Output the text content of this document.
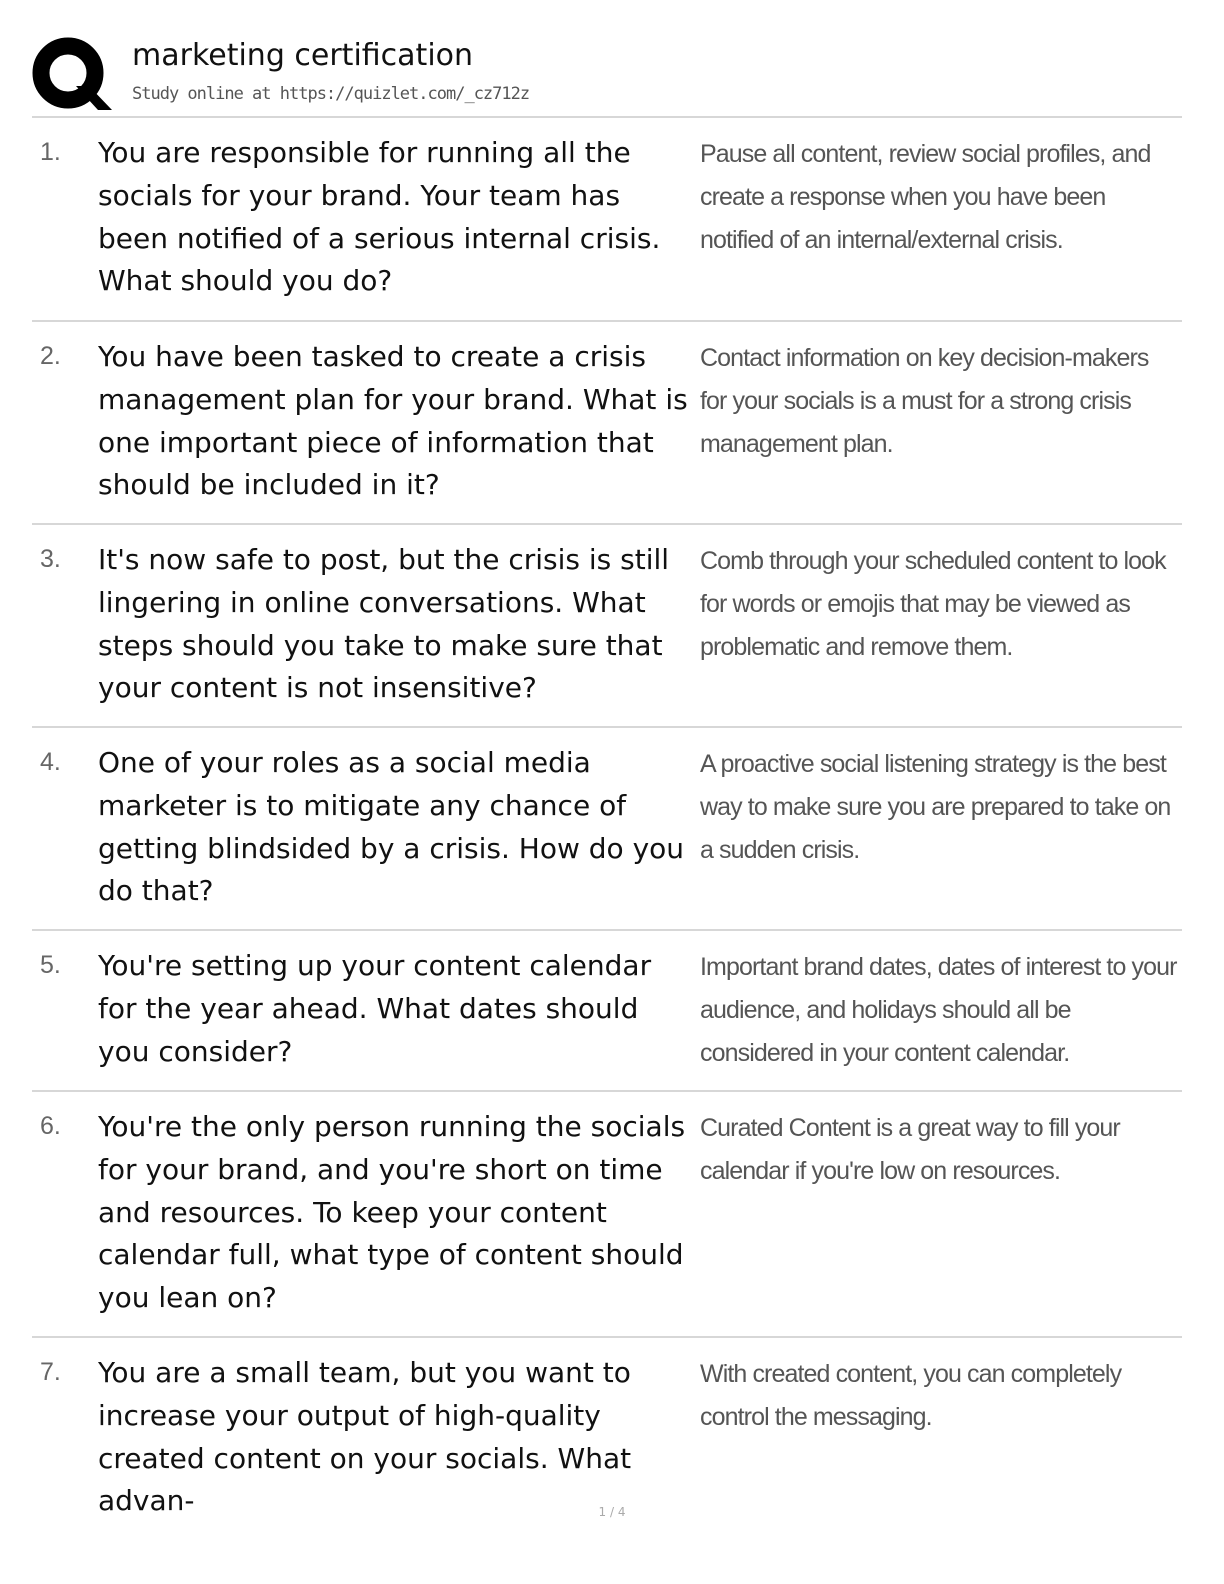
marketing certification
Study online at https://quizlet.com/_cz712z
1. You are responsible for running all the socials for your brand. Your team has been notified of a serious internal crisis. What should you do?
Pause all content, review social profiles, and create a response when you have been notified of an internal/external crisis.
2. You have been tasked to create a crisis management plan for your brand. What is one important piece of information that should be included in it?
Contact information on key decision-makers for your socials is a must for a strong crisis management plan.
3. It's now safe to post, but the crisis is still lingering in online conversations. What steps should you take to make sure that your content is not insensitive?
Comb through your scheduled content to look for words or emojis that may be viewed as problematic and remove them.
4. One of your roles as a social media marketer is to mitigate any chance of getting blindsided by a crisis. How do you do that?
A proactive social listening strategy is the best way to make sure you are prepared to take on a sudden crisis.
5. You're setting up your content calendar for the year ahead. What dates should you consider?
Important brand dates, dates of interest to your audience, and holidays should all be considered in your content calendar.
6. You're the only person running the socials for your brand, and you're short on time and resources. To keep your content calendar full, what type of content should you lean on?
Curated Content is a great way to fill your calendar if you're low on resources.
7. You are a small team, but you want to increase your output of high-quality created content on your socials. What advan-
With created content, you can completely control the messaging.
1 / 4
